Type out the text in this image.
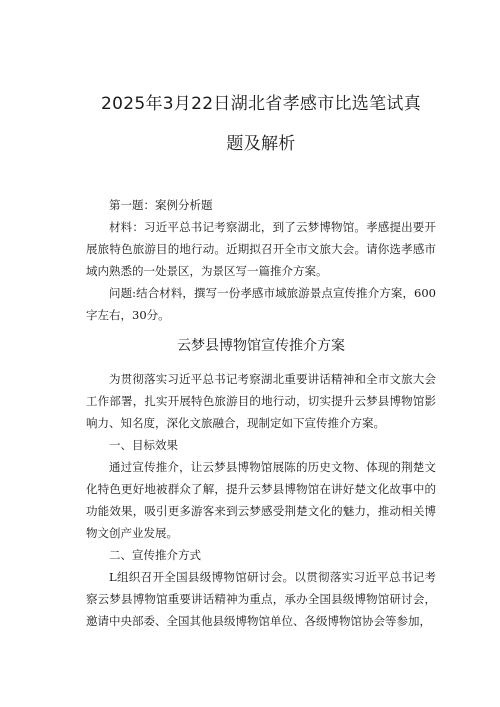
2025年3月22日湖北省孝感市比选笔试真
题及解析

第一题：案例分析题

材料：习近平总书记考察湖北，到了云梦博物馆。孝感提出要开展旅特色旅游目的地行动。近期拟召开全市文旅大会。请你选孝感市域内熟悉的一处景区，为景区写一篇推介方案。

问题:结合材料，撰写一份孝感市域旅游景点宣传推介方案，600字左右，30分。

云梦县博物馆宣传推介方案

为贯彻落实习近平总书记考察湖北重要讲话精神和全市文旅大会工作部署，扎实开展特色旅游目的地行动，切实提升云梦县博物馆影响力、知名度，深化文旅融合，现制定如下宣传推介方案。

一、目标效果

通过宣传推介，让云梦县博物馆展陈的历史文物、体现的荆楚文化特色更好地被群众了解，提升云梦县博物馆在讲好楚文化故事中的功能效果，吸引更多游客来到云梦感受荆楚文化的魅力，推动相关博物文创产业发展。

二、宣传推介方式

L组织召开全国县级博物馆研讨会。以贯彻落实习近平总书记考察云梦县博物馆重要讲话精神为重点，承办全国县级博物馆研讨会，邀请中央部委、全国其他县级博物馆单位、各级博物馆协会等参加，
